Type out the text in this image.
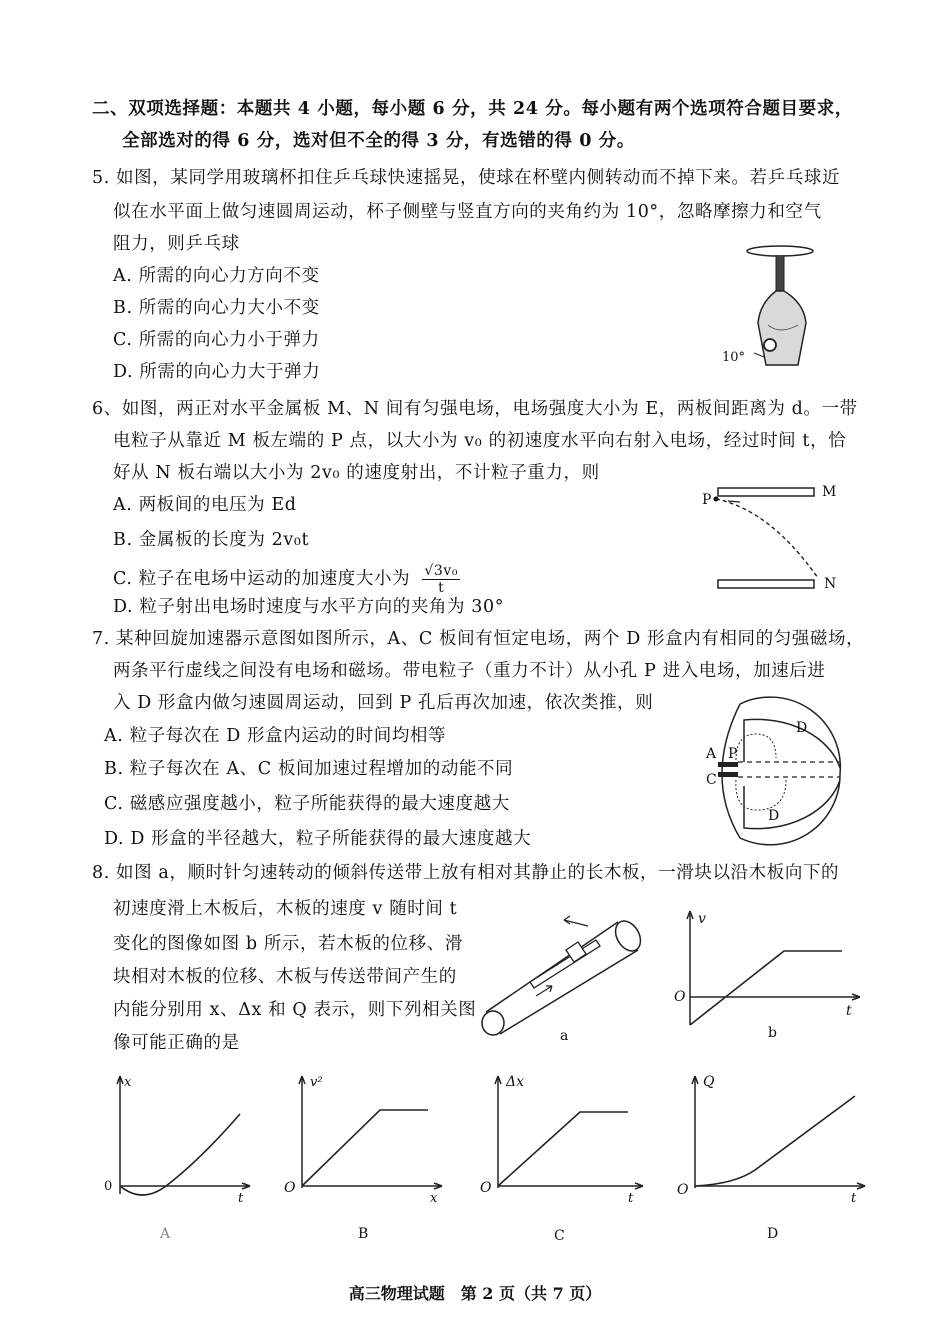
二、双项选择题：本题共 4 小题，每小题 6 分，共 24 分。每小题有两个选项符合题目要求，
全部选对的得 6 分，选对但不全的得 3 分，有选错的得 0 分。
5. 如图，某同学用玻璃杯扣住乒乓球快速摇晃，使球在杯壁内侧转动而不掉下来。若乒乓球近
似在水平面上做匀速圆周运动，杯子侧壁与竖直方向的夹角约为 10°，忽略摩擦力和空气
阻力，则乒乓球
A. 所需的向心力方向不变
B. 所需的向心力大小不变
C. 所需的向心力小于弹力
D. 所需的向心力大于弹力
10°
6、如图，两正对水平金属板 M、N 间有匀强电场，电场强度大小为 E，两板间距离为 d。一带
电粒子从靠近 M 板左端的 P 点，以大小为 v₀ 的初速度水平向右射入电场，经过时间 t，恰
好从 N 板右端以大小为 2v₀ 的速度射出，不计粒子重力，则
A. 两板间的电压为 Ed
B. 金属板的长度为 2v₀t
C. 粒子在电场中运动的加速度大小为 $\frac{\text{√3v₀}}{t}$
D. 粒子射出电场时速度与水平方向的夹角为 30°
P	M
N
7. 某种回旋加速器示意图如图所示，A、C 板间有恒定电场，两个 D 形盒内有相同的匀强磁场，
两条平行虚线之间没有电场和磁场。带电粒子（重力不计）从小孔 P 进入电场，加速后进
入 D 形盒内做匀速圆周运动，回到 P 孔后再次加速，依次类推，则
A. 粒子每次在 D 形盒内运动的时间均相等
B. 粒子每次在 A、C 板间加速过程增加的动能不同
C. 磁感应强度越小，粒子所能获得的最大速度越大
D. D 形盒的半径越大，粒子所能获得的最大速度越大
A P
C
D
D
8. 如图 a，顺时针匀速转动的倾斜传送带上放有相对其静止的长木板，一滑块以沿木板向下的
初速度滑上木板后，木板的速度 v 随时间 t
变化的图像如图 b 所示，若木板的位移、滑
块相对木板的位移、木板与传送带间产生的
内能分别用 x、Δx 和 Q 表示，则下列相关图
像可能正确的是	a
v
O
t
b
x
0
t
A
v²
O
x
B
Δx
O
t
C
Q
O
t
D
高三物理试题　第 2 页（共 7 页）
